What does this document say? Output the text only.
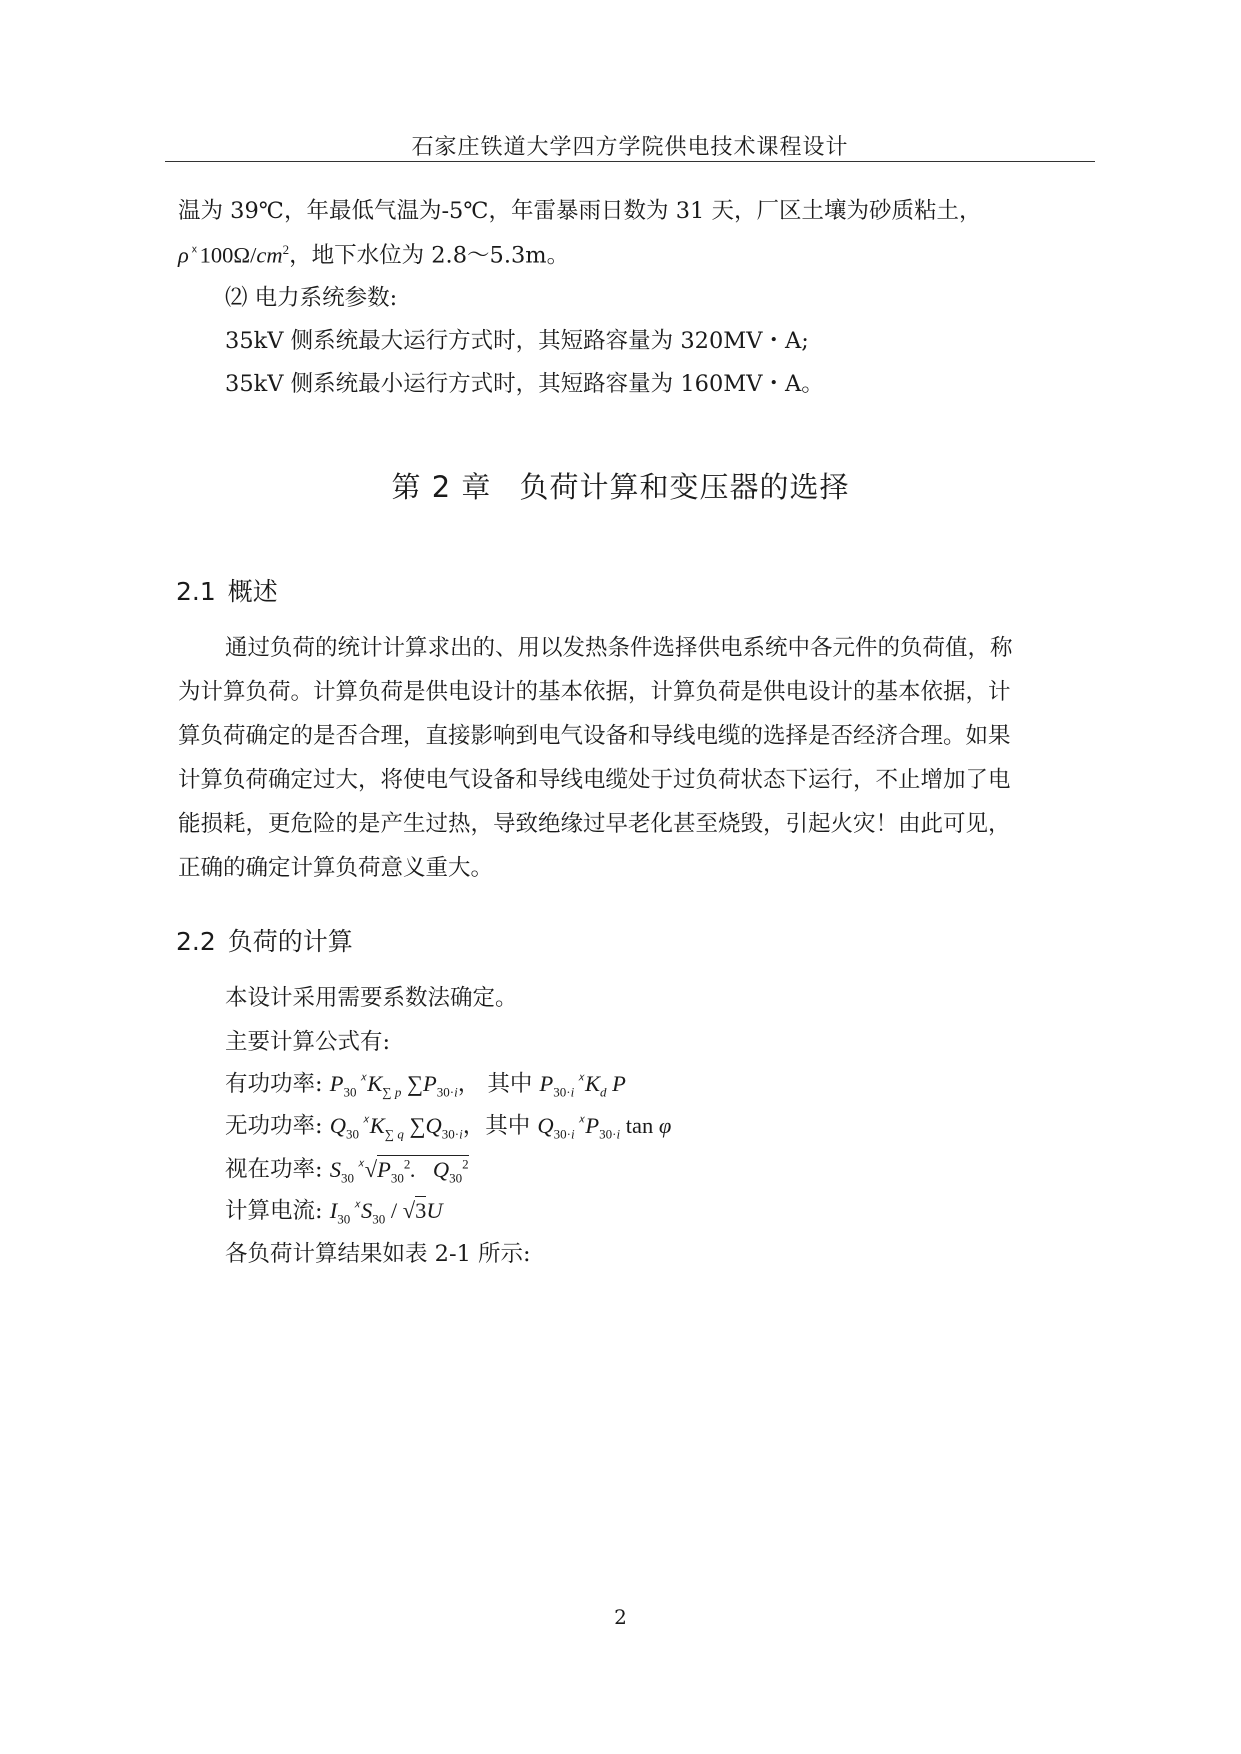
石家庄铁道大学四方学院供电技术课程设计
温为 39℃，年最低气温为-5℃，年雷暴雨日数为 31 天，厂区土壤为砂质粘土，
ρ $^ᕁ100\Omega/cm^2$，地下水位为 2.8～5.3m。
⑵ 电力系统参数:
35kV 侧系统最大运行方式时，其短路容量为 320MV・A;
35kV 侧系统最小运行方式时，其短路容量为 160MV・A。
第 2 章 负荷计算和变压器的选择
2.1 概述
通过负荷的统计计算求出的、用以发热条件选择供电系统中各元件的负荷值，称
为计算负荷。计算负荷是供电设计的基本依据，计算负荷是供电设计的基本依据，计
算负荷确定的是否合理，直接影响到电气设备和导线电缆的选择是否经济合理。如果
计算负荷确定过大，将使电气设备和导线电缆处于过负荷状态下运行，不止增加了电
能损耗，更危险的是产生过热，导致绝缘过早老化甚至烧毁，引起火灾！由此可见，
正确的确定计算负荷意义重大。
2.2 负荷的计算
本设计采用需要系数法确定。
主要计算公式有:
有功功率: $P_{30}^ᕁK_{\sum p}$ $\sum P_{30\cdot i}$， 其中 $P_{30\cdot i}^ᕁK_d$ P
无功功率: $Q_{30}^ᕁK_{\sum q}$ $\sum Q_{30\cdot i}$，其中 $Q_{30\cdot i}^ᕁP_{30\cdot i}$ tan φ
视在功率: $S_{30}^ᕁ√P_{30}^2$.   $Q_{30}^2$
计算电流: $I_{30}^ᕁS_{30} / √3U$
各负荷计算结果如表 2-1 所示:
2
